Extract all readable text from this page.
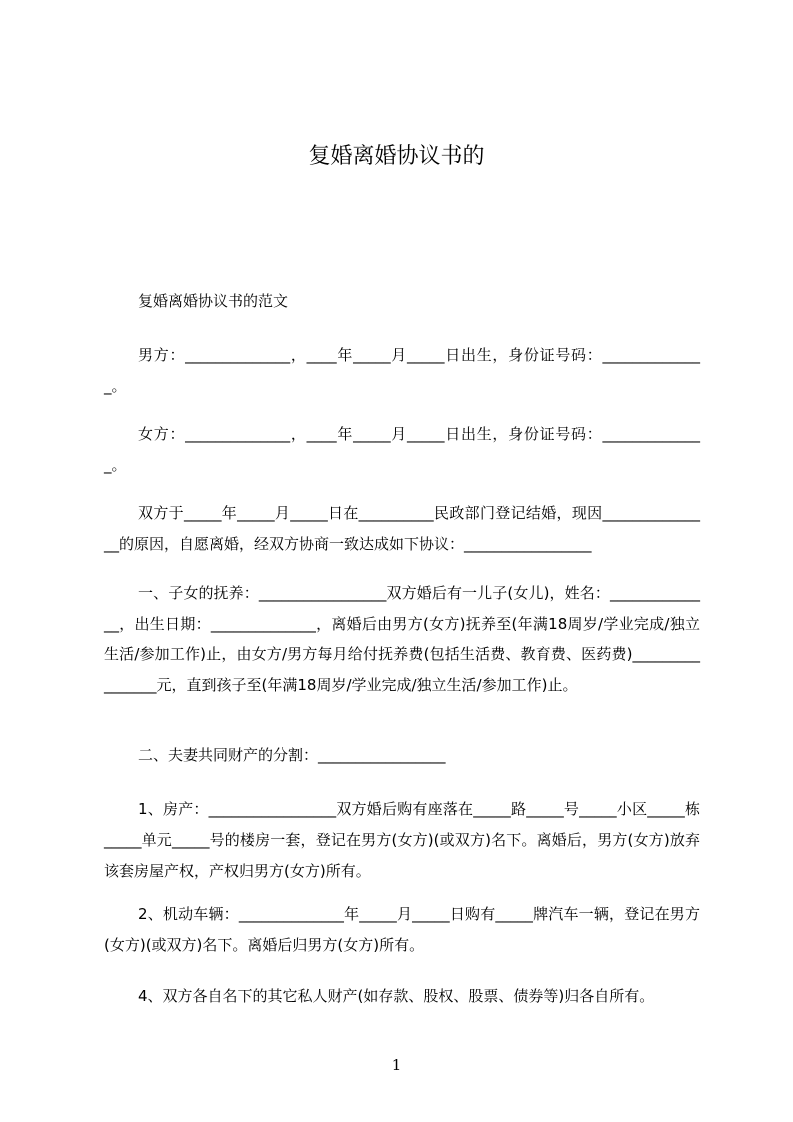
复婚离婚协议书的
复婚离婚协议书的范文
男方：______________，____年_____月_____日出生，身份证号码：______________。
女方：______________，____年_____月_____日出生，身份证号码：______________。
双方于_____年_____月_____日在__________民政部门登记结婚，现因_______________的原因，自愿离婚，经双方协商一致达成如下协议：_________________
一、子女的抚养：_________________双方婚后有一儿子(女儿)，姓名：______________，出生日期：______________，离婚后由男方(女方)抚养至(年满18周岁/学业完成/独立生活/参加工作)止，由女方/男方每月给付抚养费(包括生活费、教育费、医药费)________________元，直到孩子至(年满18周岁/学业完成/独立生活/参加工作)止。
二、夫妻共同财产的分割：_________________
1、房产：_________________双方婚后购有座落在_____路_____号_____小区_____栋_____单元_____号的楼房一套，登记在男方(女方)(或双方)名下。离婚后，男方(女方)放弃该套房屋产权，产权归男方(女方)所有。
2、机动车辆：______________年_____月_____日购有_____牌汽车一辆，登记在男方(女方)(或双方)名下。离婚后归男方(女方)所有。
4、双方各自名下的其它私人财产(如存款、股权、股票、债券等)归各自所有。
1
